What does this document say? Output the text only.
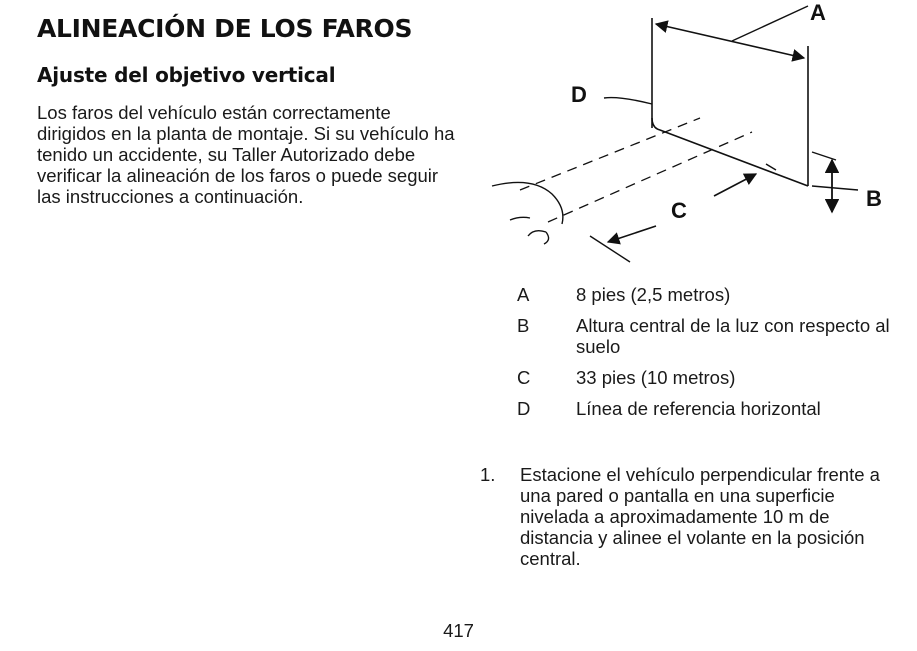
ALINEACIÓN DE LOS FAROS
Ajuste del objetivo vertical

Los faros del vehículo están correctamente dirigidos en la planta de montaje. Si su vehículo ha tenido un accidente, su Taller Autorizado debe verificar la alineación de los faros o puede seguir las instrucciones a continuación.

A
B
C
D
A	8 pies (2,5 metros)
B	Altura central de la luz con respecto al suelo
C 33 pies (10 metros)
D Línea de referencia horizontal
1. Estacione el vehículo perpendicular frente a una pared o pantalla en una superficie nivelada a aproximadamente 10 m de distancia y alinee el volante en la posición central.
417
